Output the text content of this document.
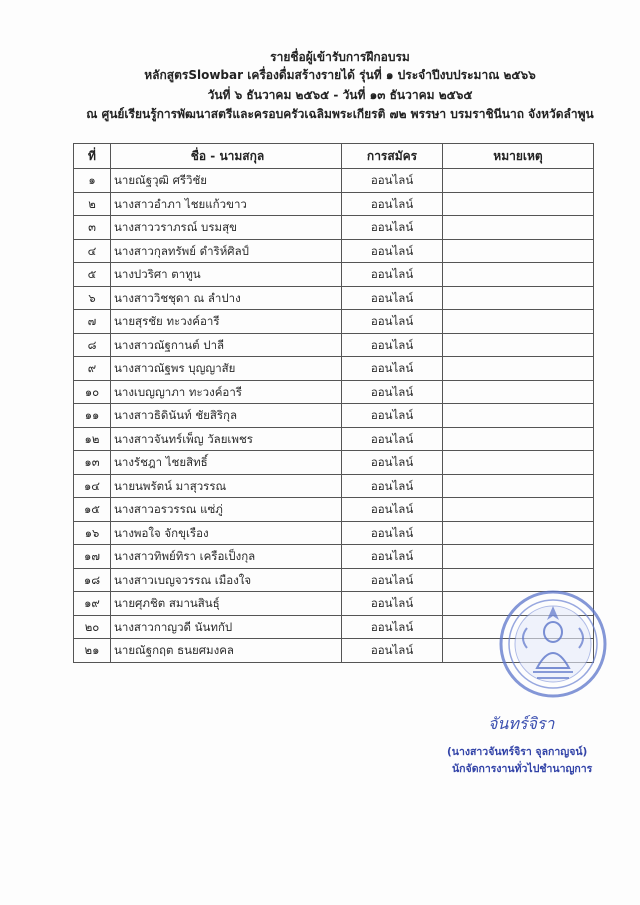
รายชื่อผู้เข้ารับการฝึกอบรม
หลักสูตรSlowbar เครื่องดื่มสร้างรายได้ รุ่นที่ ๑ ประจำปีงบประมาณ ๒๕๖๖
วันที่ ๖ ธันวาคม ๒๕๖๕ - วันที่ ๑๓ ธันวาคม ๒๕๖๕
ณ ศูนย์เรียนรู้การพัฒนาสตรีและครอบครัวเฉลิมพระเกียรติ ๗๒ พรรษา บรมราชินีนาถ จังหวัดลำพูน
ที่	ชื่อ - นามสกุล	การสมัคร	หมายเหตุ
๑	นายณัฐวุฒิ ศรีวิชัย	ออนไลน์	
๒	นางสาวอำภา ไชยแก้วขาว	ออนไลน์	
๓	นางสาววราภรณ์ บรมสุข	ออนไลน์	
๔	นางสาวกุลทรัพย์ ดำริห์ศิลป์	ออนไลน์	
๕	นางปวริศา ตาทูน	ออนไลน์	
๖	นางสาววิชชุดา ณ ลำปาง	ออนไลน์	
๗	นายสุรชัย ทะวงค์อารี	ออนไลน์	
๘	นางสาวณัฐกานต์ ปาลี	ออนไลน์	
๙	นางสาวณัฐพร บุญญาสัย	ออนไลน์	
๑๐	นางเบญญาภา ทะวงค์อารี	ออนไลน์	
๑๑	นางสาวธิดินันท์ ชัยสิริกุล	ออนไลน์	
๑๒	นางสาวจันทร์เพ็ญ วัลยเพชร	ออนไลน์	
๑๓	นางรัชฎา ไชยสิทธิ์	ออนไลน์	
๑๔	นายนพรัตน์ มาสุวรรณ	ออนไลน์	
๑๕	นางสาวอรวรรณ แซ่ภู่	ออนไลน์	
๑๖	นางพอใจ จักขุเรือง	ออนไลน์	
๑๗	นางสาวทิพย์ทิรา เครือเป็งกุล	ออนไลน์	
๑๘	นางสาวเบญจวรรณ เมืองใจ	ออนไลน์	
๑๙	นายศุภชิต สมานสินธุ์	ออนไลน์	
๒๐	นางสาวกาญวดี นันทกัป	ออนไลน์	
๒๑	นายณัฐกฤต ธนยศมงคล	ออนไลน์	
จันทร์จิรา
(นางสาวจันทร์จิรา จุลกาญจน์)
นักจัดการงานทั่วไปชำนาญการ
